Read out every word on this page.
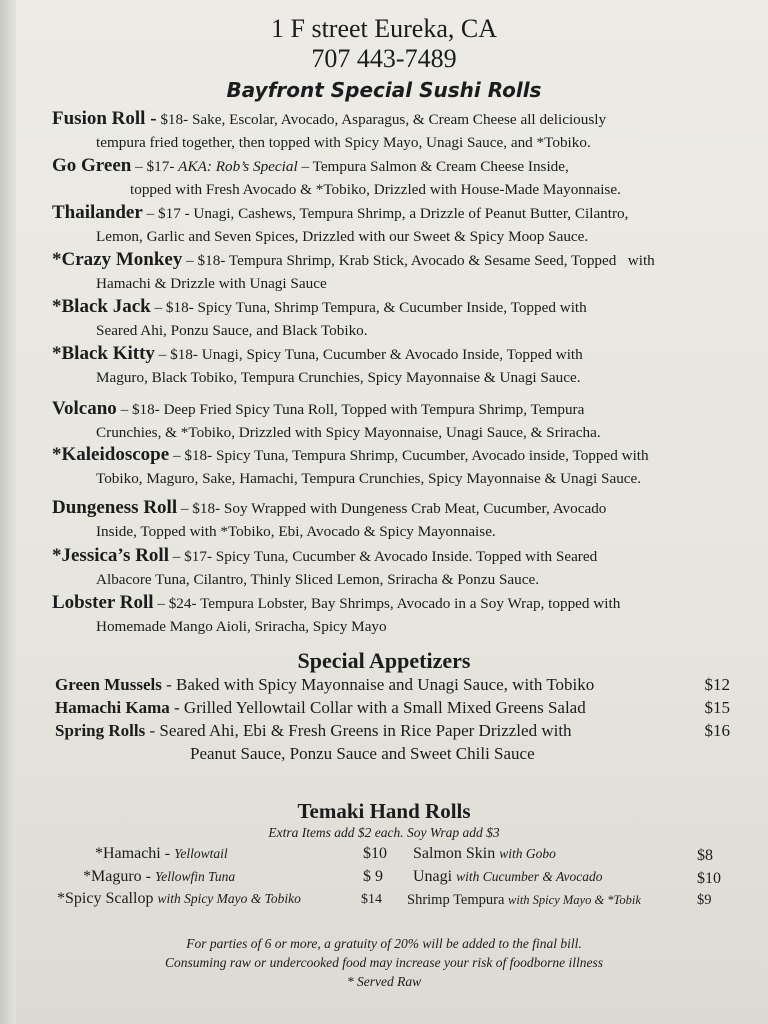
1 F street Eureka, CA
707 443-7489
Bayfront Special Sushi Rolls
Fusion Roll - $18- Sake, Escolar, Avocado, Asparagus, & Cream Cheese all deliciously
tempura fried together, then topped with Spicy Mayo, Unagi Sauce, and *Tobiko.
Go Green – $17- AKA: Rob’s Special – Tempura Salmon & Cream Cheese Inside,
topped with Fresh Avocado & *Tobiko, Drizzled with House-Made Mayonnaise.
Thailander – $17 - Unagi, Cashews, Tempura Shrimp, a Drizzle of Peanut Butter, Cilantro,
Lemon, Garlic and Seven Spices, Drizzled with our Sweet & Spicy Moop Sauce.
*Crazy Monkey – $18- Tempura Shrimp, Krab Stick, Avocado & Sesame Seed, Topped   with
Hamachi & Drizzle with Unagi Sauce
*Black Jack – $18- Spicy Tuna, Shrimp Tempura, & Cucumber Inside, Topped with
Seared Ahi, Ponzu Sauce, and Black Tobiko.
*Black Kitty – $18- Unagi, Spicy Tuna, Cucumber & Avocado Inside, Topped with
Maguro, Black Tobiko, Tempura Crunchies, Spicy Mayonnaise & Unagi Sauce.
Volcano – $18- Deep Fried Spicy Tuna Roll, Topped with Tempura Shrimp, Tempura
Crunchies, & *Tobiko, Drizzled with Spicy Mayonnaise, Unagi Sauce, & Sriracha.
*Kaleidoscope – $18- Spicy Tuna, Tempura Shrimp, Cucumber, Avocado inside, Topped with
Tobiko, Maguro, Sake, Hamachi, Tempura Crunchies, Spicy Mayonnaise & Unagi Sauce.
Dungeness Roll – $18- Soy Wrapped with Dungeness Crab Meat, Cucumber, Avocado
Inside, Topped with *Tobiko, Ebi, Avocado & Spicy Mayonnaise.
*Jessica’s Roll – $17- Spicy Tuna, Cucumber & Avocado Inside. Topped with Seared
Albacore Tuna, Cilantro, Thinly Sliced Lemon, Sriracha & Ponzu Sauce.
Lobster Roll – $24- Tempura Lobster, Bay Shrimps, Avocado in a Soy Wrap, topped with
Homemade Mango Aioli, Sriracha, Spicy Mayo
Special Appetizers
Green Mussels - Baked with Spicy Mayonnaise and Unagi Sauce, with Tobiko	$12
Hamachi Kama - Grilled Yellowtail Collar with a Small Mixed Greens Salad	$15
Spring Rolls - Seared Ahi, Ebi & Fresh Greens in Rice Paper Drizzled with	$16
Peanut Sauce, Ponzu Sauce and Sweet Chili Sauce
Temaki Hand Rolls
Extra Items add $2 each. Soy Wrap add $3
*Hamachi - Yellowtail	$10
*Maguro - Yellowfin Tuna	$ 9
*Spicy Scallop with Spicy Mayo & Tobiko	$14
Salmon Skin with Gobo	$8
Unagi with Cucumber & Avocado	$10
Shrimp Tempura with Spicy Mayo & *Tobik	$9
For parties of 6 or more, a gratuity of 20% will be added to the final bill.
Consuming raw or undercooked food may increase your risk of foodborne illness
* Served Raw
